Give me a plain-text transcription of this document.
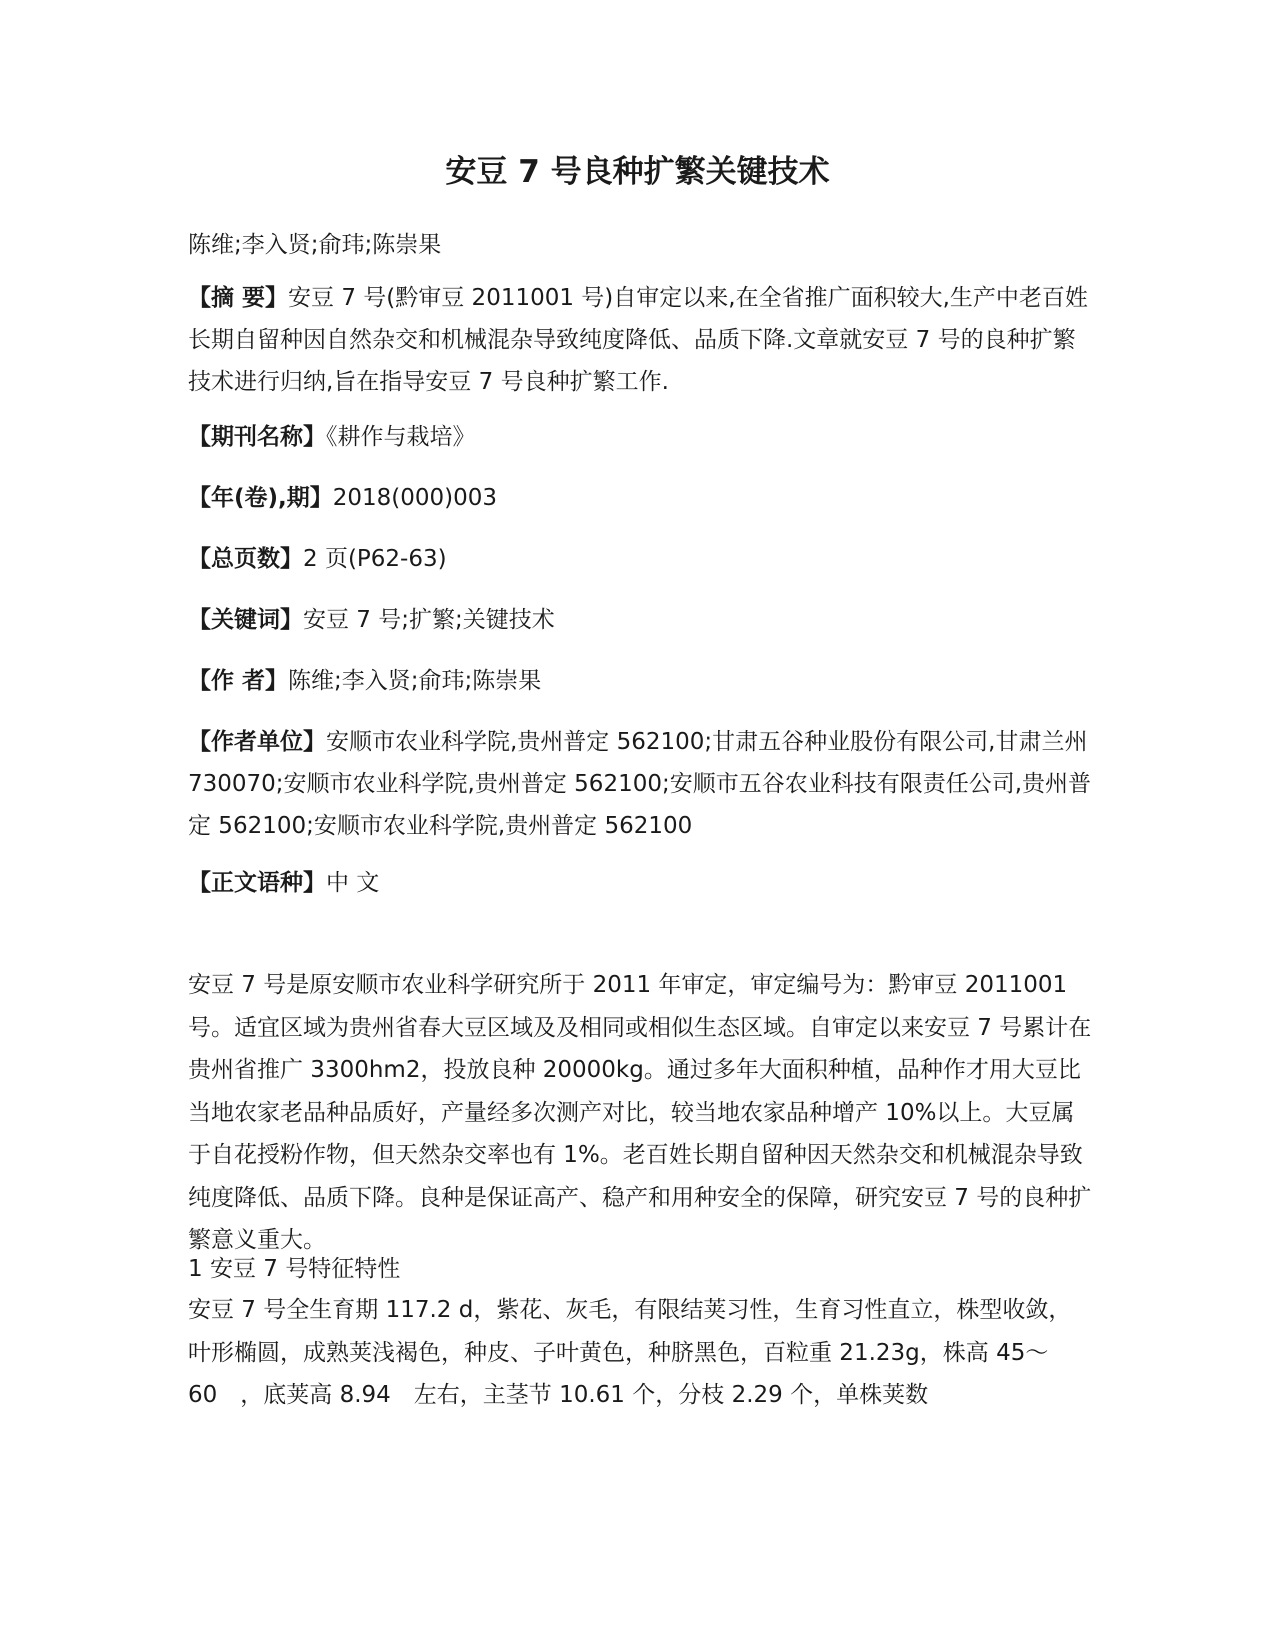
安豆 7 号良种扩繁关键技术

陈维;李入贤;俞玮;陈崇果

【摘 要】安豆 7 号(黔审豆 2011001 号)自审定以来,在全省推广面积较大,生产中老百姓长期自留种因自然杂交和机械混杂导致纯度降低、品质下降.文章就安豆 7 号的良种扩繁技术进行归纳,旨在指导安豆 7 号良种扩繁工作.

【期刊名称】《耕作与栽培》

【年(卷),期】2018(000)003

【总页数】2 页(P62-63)

【关键词】安豆 7 号;扩繁;关键技术

【作 者】陈维;李入贤;俞玮;陈崇果

【作者单位】安顺市农业科学院,贵州普定 562100;甘肃五谷种业股份有限公司,甘肃兰州 730070;安顺市农业科学院,贵州普定 562100;安顺市五谷农业科技有限责任公司,贵州普定 562100;安顺市农业科学院,贵州普定 562100

【正文语种】中 文

安豆 7 号是原安顺市农业科学研究所于 2011 年审定，审定编号为：黔审豆 2011001 号。适宜区域为贵州省春大豆区域及及相同或相似生态区域。自审定以来安豆 7 号累计在贵州省推广 3300hm2，投放良种 20000kg。通过多年大面积种植，品种作才用大豆比当地农家老品种品质好，产量经多次测产对比，较当地农家品种增产 10%以上。大豆属于自花授粉作物，但天然杂交率也有 1%。老百姓长期自留种因天然杂交和机械混杂导致纯度降低、品质下降。良种是保证高产、稳产和用种安全的保障，研究安豆 7 号的良种扩繁意义重大。

1 安豆 7 号特征特性

安豆 7 号全生育期 117.2 d，紫花、灰毛，有限结荚习性，生育习性直立，株型收敛，叶形椭圆，成熟荚浅褐色，种皮、子叶黄色，种脐黑色，百粒重 21.23g，株高 45～60　，底荚高 8.94　左右，主茎节 10.61 个，分枝 2.29 个，单株荚数
